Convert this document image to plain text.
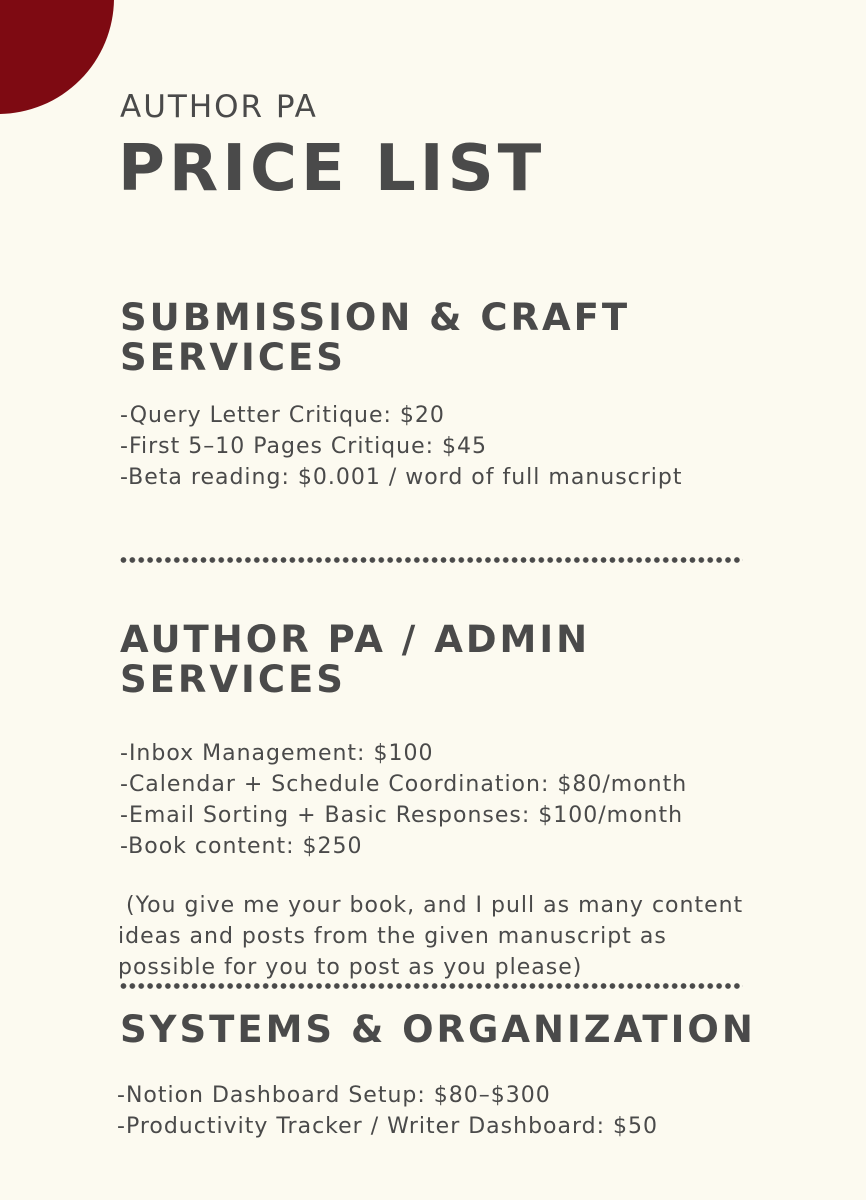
AUTHOR PA
PRICE LIST
SUBMISSION & CRAFT
SERVICES
-Query Letter Critique: $20
-First 5–10 Pages Critique: $45
-Beta reading: $0.001 / word of full manuscript
AUTHOR PA / ADMIN
SERVICES
-Inbox Management: $100
-Calendar + Schedule Coordination: $80/month
-Email Sorting + Basic Responses: $100/month
-Book content: $250
(You give me your book, and I pull as many content
ideas and posts from the given manuscript as
possible for you to post as you please)
SYSTEMS & ORGANIZATION
-Notion Dashboard Setup: $80–$300
-Productivity Tracker / Writer Dashboard: $50
